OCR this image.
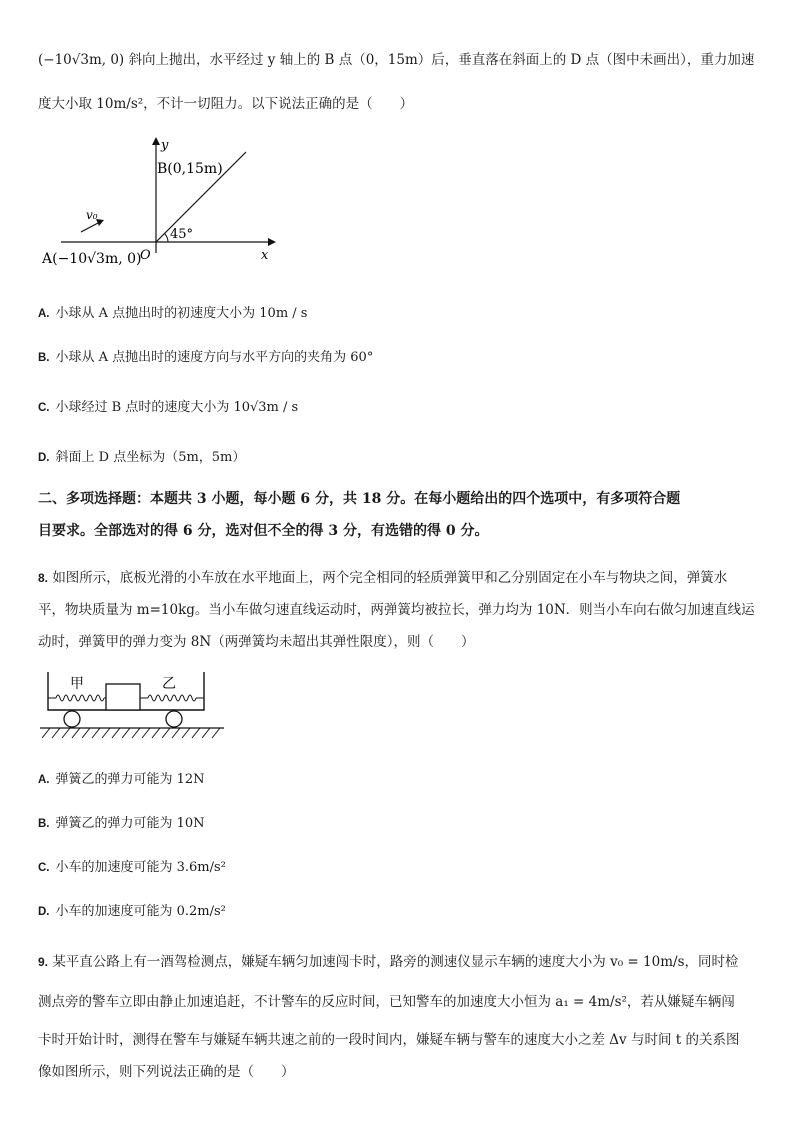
(−10√3m, 0) 斜向上抛出，水平经过 y 轴上的 B 点（0，15m）后，垂直落在斜面上的 D 点（图中未画出），重力加速
度大小取 10m/s²，不计一切阻力。以下说法正确的是（　　）
y
x
O
B(0,15m)
A(−10√3m, 0)
v₀
45°
A. 小球从 A 点抛出时的初速度大小为 10m / s
B. 小球从 A 点抛出时的速度方向与水平方向的夹角为 60°
C. 小球经过 B 点时的速度大小为 10√3m / s
D. 斜面上 D 点坐标为（5m，5m）
二、多项选择题：本题共 3 小题，每小题 6 分，共 18 分。在每小题给出的四个选项中，有多项符合题
目要求。全部选对的得 6 分，选对但不全的得 3 分，有选错的得 0 分。
8. 如图所示，底板光滑的小车放在水平地面上，两个完全相同的轻质弹簧甲和乙分别固定在小车与物块之间，弹簧水
平，物块质量为 m=10kg。当小车做匀速直线运动时，两弹簧均被拉长，弹力均为 10N．则当小车向右做匀加速直线运
动时，弹簧甲的弹力变为 8N（两弹簧均未超出其弹性限度），则（　　）
甲	乙
A. 弹簧乙的弹力可能为 12N
B. 弹簧乙的弹力可能为 10N
C. 小车的加速度可能为 3.6m/s²
D. 小车的加速度可能为 0.2m/s²
9. 某平直公路上有一酒驾检测点，嫌疑车辆匀加速闯卡时，路旁的测速仪显示车辆的速度大小为 v₀ = 10m/s，同时检
测点旁的警车立即由静止加速追赶，不计警车的反应时间，已知警车的加速度大小恒为 a₁ = 4m/s²，若从嫌疑车辆闯
卡时开始计时，测得在警车与嫌疑车辆共速之前的一段时间内，嫌疑车辆与警车的速度大小之差 Δv 与时间 t 的关系图
像如图所示，则下列说法正确的是（　　）
